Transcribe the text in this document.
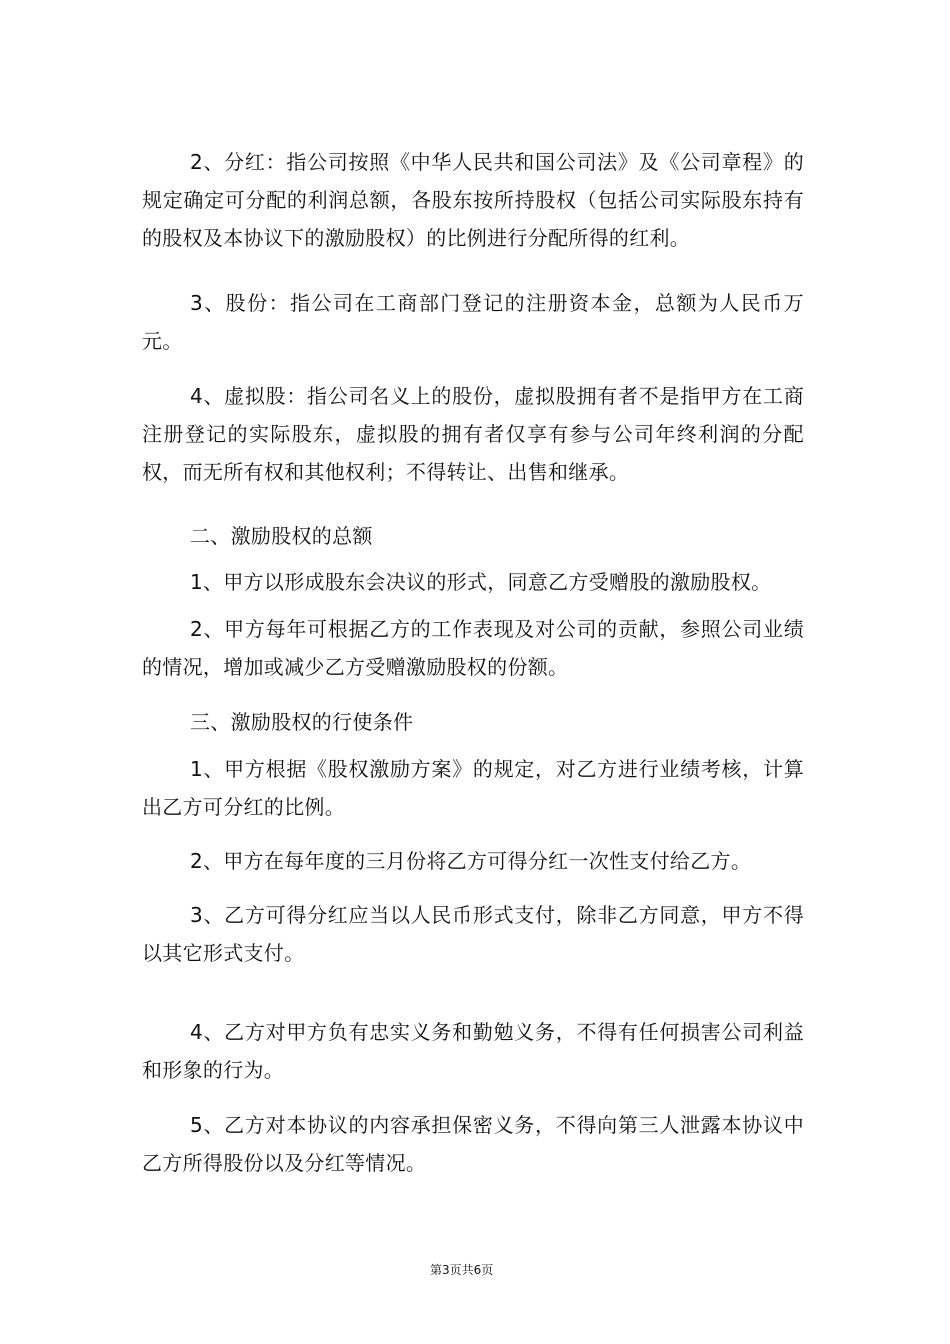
2、分红：指公司按照《中华人民共和国公司法》及《公司章程》的规定确定可分配的利润总额，各股东按所持股权（包括公司实际股东持有的股权及本协议下的激励股权）的比例进行分配所得的红利。

3、股份：指公司在工商部门登记的注册资本金，总额为人民币万元。

4、虚拟股：指公司名义上的股份，虚拟股拥有者不是指甲方在工商注册登记的实际股东，虚拟股的拥有者仅享有参与公司年终利润的分配权，而无所有权和其他权利；不得转让、出售和继承。

二、激励股权的总额

1、甲方以形成股东会决议的形式，同意乙方受赠股的激励股权。

2、甲方每年可根据乙方的工作表现及对公司的贡献，参照公司业绩的情况，增加或减少乙方受赠激励股权的份额。

三、激励股权的行使条件

1、甲方根据《股权激励方案》的规定，对乙方进行业绩考核，计算出乙方可分红的比例。

2、甲方在每年度的三月份将乙方可得分红一次性支付给乙方。

3、乙方可得分红应当以人民币形式支付，除非乙方同意，甲方不得以其它形式支付。

4、乙方对甲方负有忠实义务和勤勉义务，不得有任何损害公司利益和形象的行为。

5、乙方对本协议的内容承担保密义务，不得向第三人泄露本协议中乙方所得股份以及分红等情况。

第3页共6页
